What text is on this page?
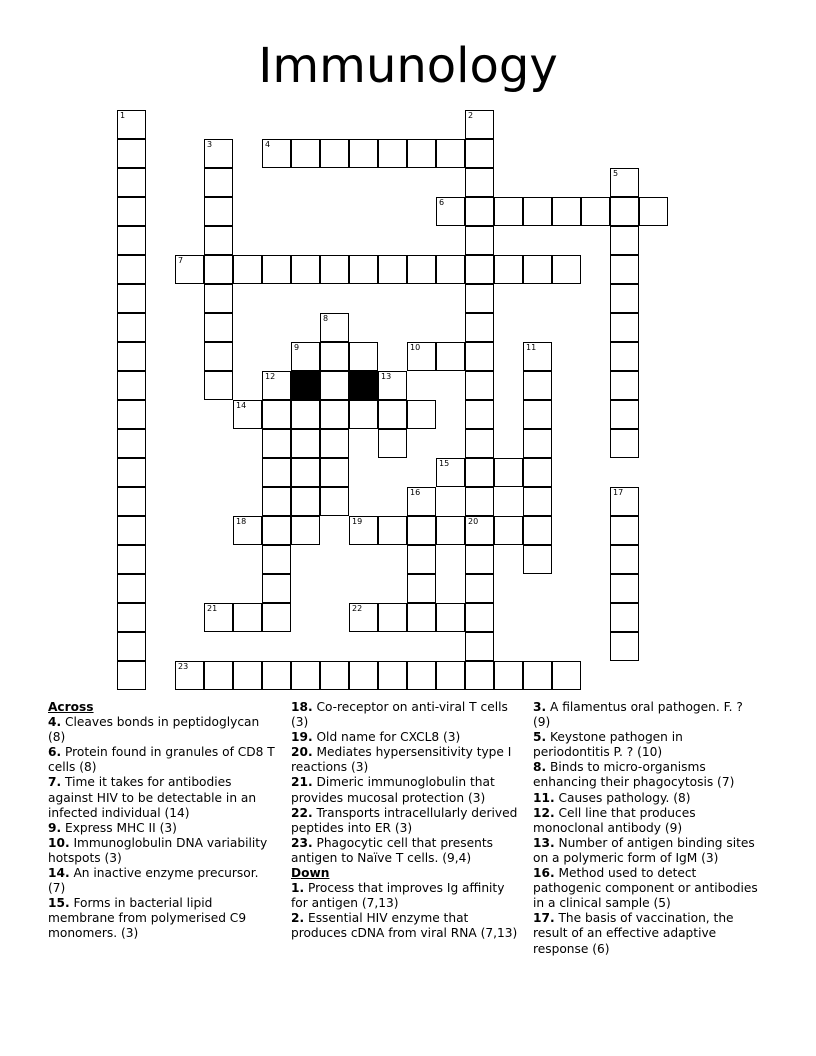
Immunology
1	2
20
3	4
5
6
7
8
9	10	11
12	13
14
15
16	17
18	19
21	22
23
Across
4. Cleaves bonds in peptidoglycan (8)
6. Protein found in granules of CD8 T cells (8)
7. Time it takes for antibodies against HIV to be detectable in an infected individual (14)
9. Express MHC II (3)
10. Immunoglobulin DNA variability hotspots (3)
14. An inactive enzyme precursor. (7)
15. Forms in bacterial lipid membrane from polymerised C9 monomers. (3)
18. Co-receptor on anti-viral T cells (3)
19. Old name for CXCL8 (3)
20. Mediates hypersensitivity type I reactions (3)
21. Dimeric immunoglobulin that provides mucosal protection (3)
22. Transports intracellularly derived peptides into ER (3)
23. Phagocytic cell that presents antigen to Naïve T cells. (9,4)
Down
1. Process that improves Ig affinity for antigen (7,13)
2. Essential HIV enzyme that produces cDNA from viral RNA (7,13)
3. A filamentus oral pathogen. F. ? (9)
5. Keystone pathogen in periodontitis P. ? (10)
8. Binds to micro-organisms enhancing their phagocytosis (7)
11. Causes pathology. (8)
12. Cell line that produces monoclonal antibody (9)
13. Number of antigen binding sites on a polymeric form of IgM (3)
16. Method used to detect pathogenic component or antibodies in a clinical sample (5)
17. The basis of vaccination, the result of an effective adaptive response (6)
